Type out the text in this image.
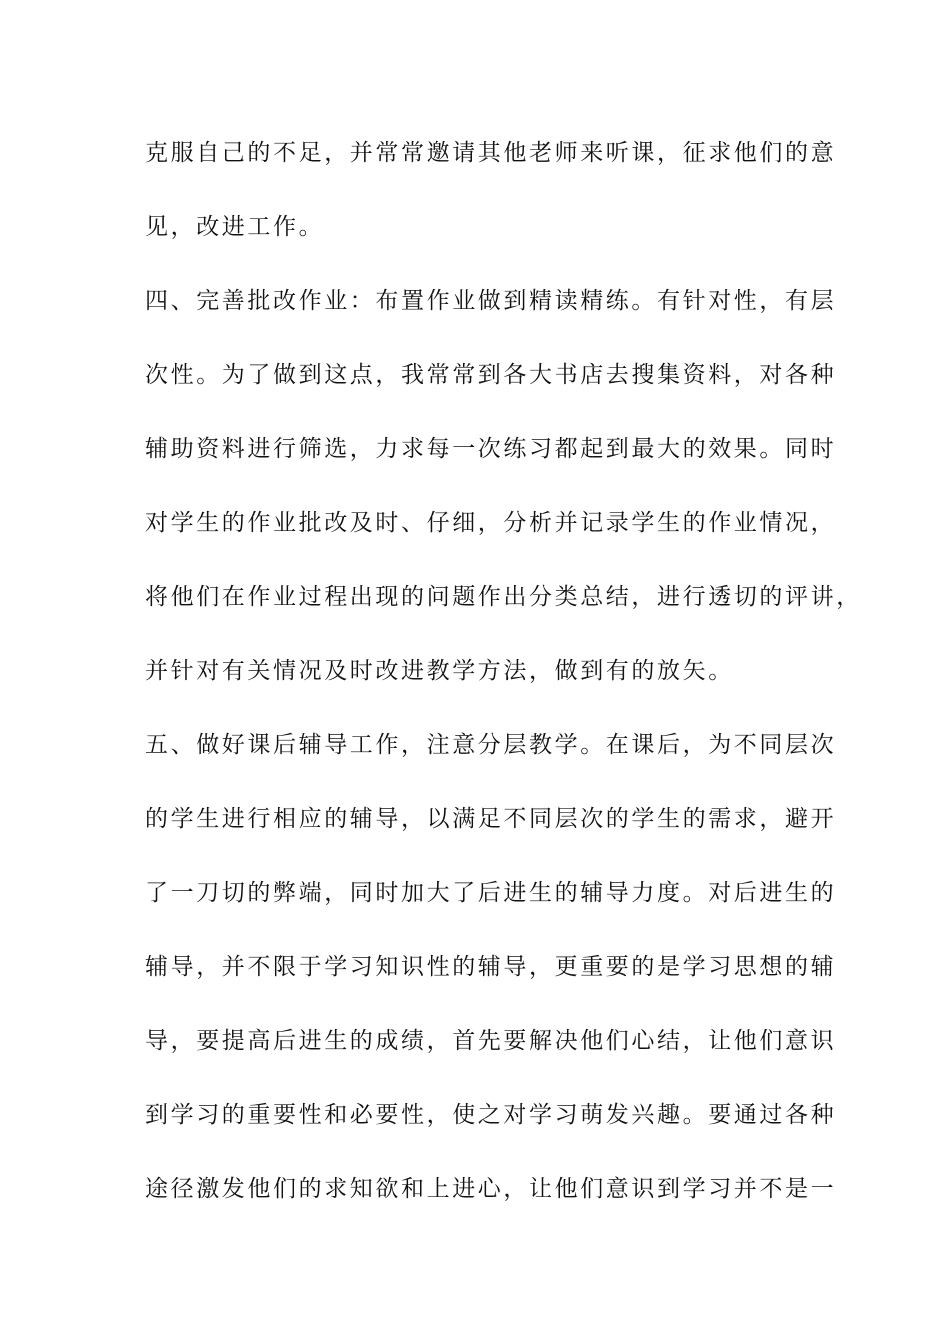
克服自己的不足，并常常邀请其他老师来听课，征求他们的意
见，改进工作。
四、完善批改作业：布置作业做到精读精练。有针对性，有层
次性。为了做到这点，我常常到各大书店去搜集资料，对各种
辅助资料进行筛选，力求每一次练习都起到最大的效果。同时
对学生的作业批改及时、仔细，分析并记录学生的作业情况，
将他们在作业过程出现的问题作出分类总结，进行透切的评讲，
并针对有关情况及时改进教学方法，做到有的放矢。
五、做好课后辅导工作，注意分层教学。在课后，为不同层次
的学生进行相应的辅导，以满足不同层次的学生的需求，避开
了一刀切的弊端，同时加大了后进生的辅导力度。对后进生的
辅导，并不限于学习知识性的辅导，更重要的是学习思想的辅
导，要提高后进生的成绩，首先要解决他们心结，让他们意识
到学习的重要性和必要性，使之对学习萌发兴趣。要通过各种
途径激发他们的求知欲和上进心，让他们意识到学习并不是一
